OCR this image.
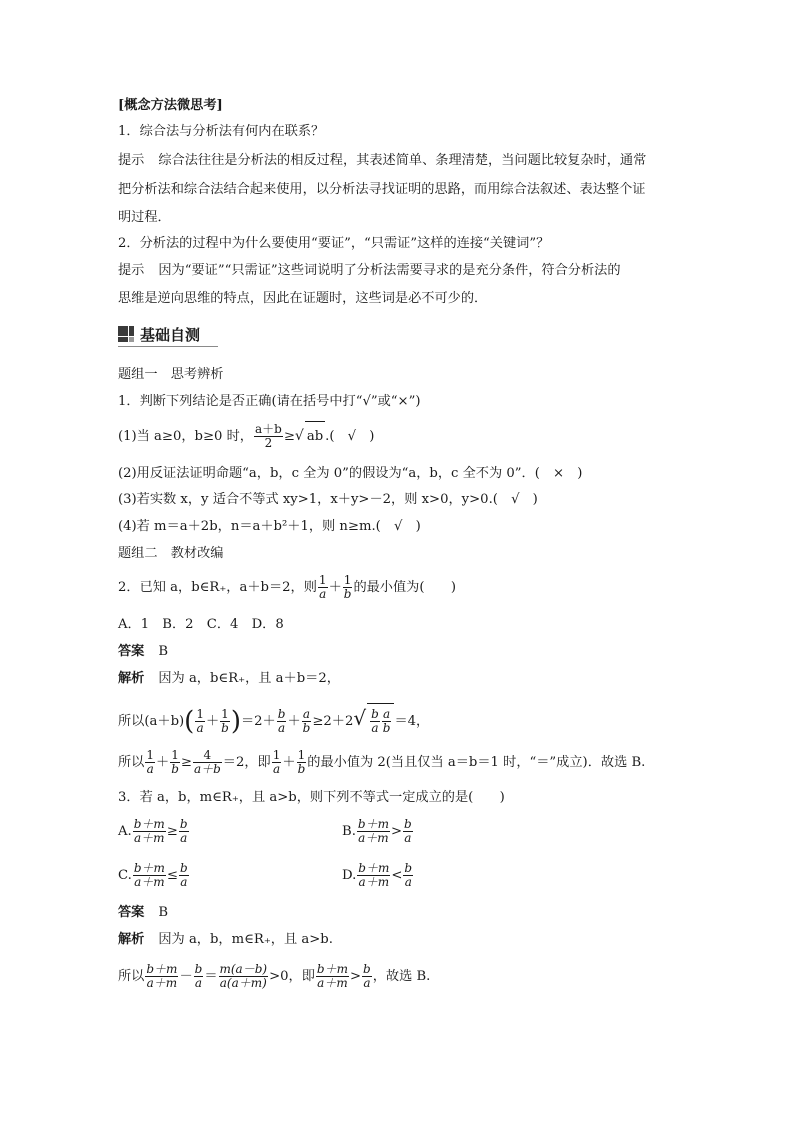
[概念方法微思考]
1．综合法与分析法有何内在联系？
提示 综合法往往是分析法的相反过程，其表述简单、条理清楚，当问题比较复杂时，通常
把分析法和综合法结合起来使用，以分析法寻找证明的思路，而用综合法叙述、表达整个证
明过程．
2．分析法的过程中为什么要使用“要证”，“只需证”这样的连接“关键词”？
提示 因为“要证”“只需证”这些词说明了分析法需要寻求的是充分条件，符合分析法的
思维是逆向思维的特点，因此在证题时，这些词是必不可少的．
基础自测
题组一　思考辨析
1．判断下列结论是否正确(请在括号中打“√”或“×”)
(1)当 a≥0，b≥0 时， $\frac{a+b}{2}$ ≥√ ab .(　√　)
(2)用反证法证明命题“a，b，c 全为 0”的假设为“a，b，c 全不为 0”．(　×　)
(3)若实数 x，y 适合不等式 xy>1，x＋y>－2，则 x>0，y>0.(　√　)
(4)若 m＝a＋2b，n＝a＋b²＋1，则 n≥m.(　√　)
题组二　教材改编
2．已知 a，b∈R₊，a＋b＝2，则 $\frac{1}{a} + \frac{1}{b}$ 的最小值为(　　)
A．1　B．2　C．4　D．8
答案 B
解析 因为 a，b∈R₊，且 a＋b＝2，
所以$(a+b)( \frac{1}{a} + \frac{1}{b} )=2+ \frac{b}{a} + \frac{a}{b} \ge 2+2√ \frac{b}{a} \frac{a}{b} =4$，
所以 $\frac{1}{a} + \frac{1}{b} \ge \frac{4}{a+b} =2$，即 $\frac{1}{a} + \frac{1}{b}$ 的最小值为 2(当且仅当 a＝b＝1 时，“＝”成立)．故选 B.
3．若 a，b，m∈R₊，且 a>b，则下列不等式一定成立的是(　　)
A. $\frac{b+m}{a+m} \ge \frac{b}{a}$	B. $\frac{b+m}{a+m} > \frac{b}{a}$
C. $\frac{b+m}{a+m} \le \frac{b}{a}$	D. $\frac{b+m}{a+m} < \frac{b}{a}$
答案 B
解析 因为 a，b，m∈R₊，且 a>b.
所以 $\frac{b+m}{a+m} - \frac{b}{a} = \frac{m(a-b)}{a(a+m)} >0$，即 $\frac{b+m}{a+m} > \frac{b}{a}$ ，故选 B.
